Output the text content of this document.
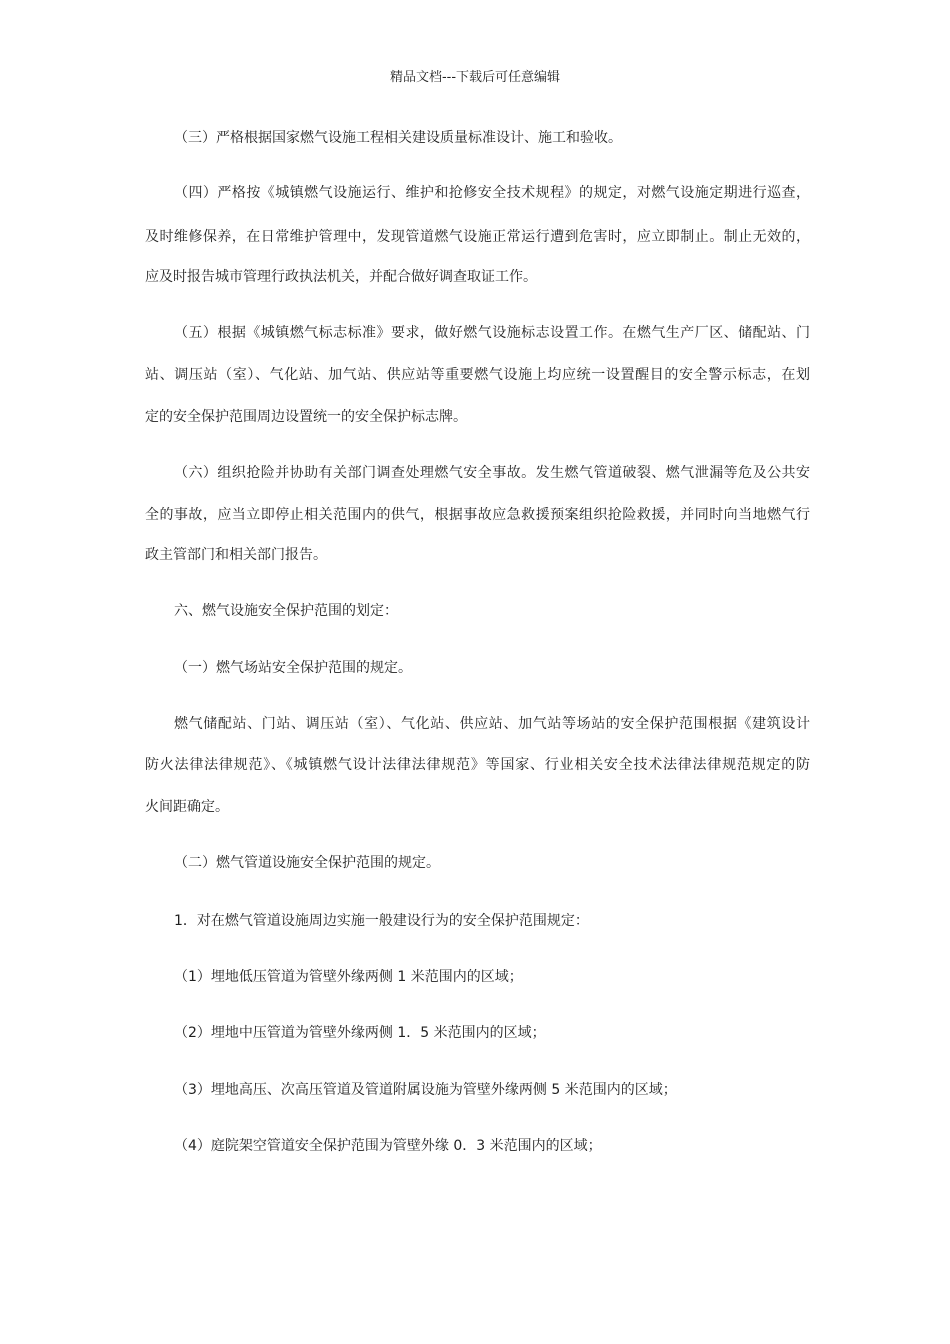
精品文档---下载后可任意编辑
（三）严格根据国家燃气设施工程相关建设质量标准设计、施工和验收。
（四）严格按《城镇燃气设施运行、维护和抢修安全技术规程》的规定，对燃气设施定期进行巡查，
及时维修保养，在日常维护管理中，发现管道燃气设施正常运行遭到危害时，应立即制止。制止无效的，
应及时报告城市管理行政执法机关，并配合做好调查取证工作。
（五）根据《城镇燃气标志标准》要求，做好燃气设施标志设置工作。在燃气生产厂区、储配站、门
站、调压站（室）、气化站、加气站、供应站等重要燃气设施上均应统一设置醒目的安全警示标志，在划
定的安全保护范围周边设置统一的安全保护标志牌。
（六）组织抢险并协助有关部门调查处理燃气安全事故。发生燃气管道破裂、燃气泄漏等危及公共安
全的事故，应当立即停止相关范围内的供气，根据事故应急救援预案组织抢险救援，并同时向当地燃气行
政主管部门和相关部门报告。
六、燃气设施安全保护范围的划定：
（一）燃气场站安全保护范围的规定。
燃气储配站、门站、调压站（室）、气化站、供应站、加气站等场站的安全保护范围根据《建筑设计
防火法律法律规范》、《城镇燃气设计法律法律规范》等国家、行业相关安全技术法律法律规范规定的防
火间距确定。
（二）燃气管道设施安全保护范围的规定。
1．对在燃气管道设施周边实施一般建设行为的安全保护范围规定：
（1）埋地低压管道为管壁外缘两侧 1 米范围内的区域；
（2）埋地中压管道为管壁外缘两侧 1．5 米范围内的区域；
（3）埋地高压、次高压管道及管道附属设施为管壁外缘两侧 5 米范围内的区域；
（4）庭院架空管道安全保护范围为管壁外缘 0．3 米范围内的区域；
